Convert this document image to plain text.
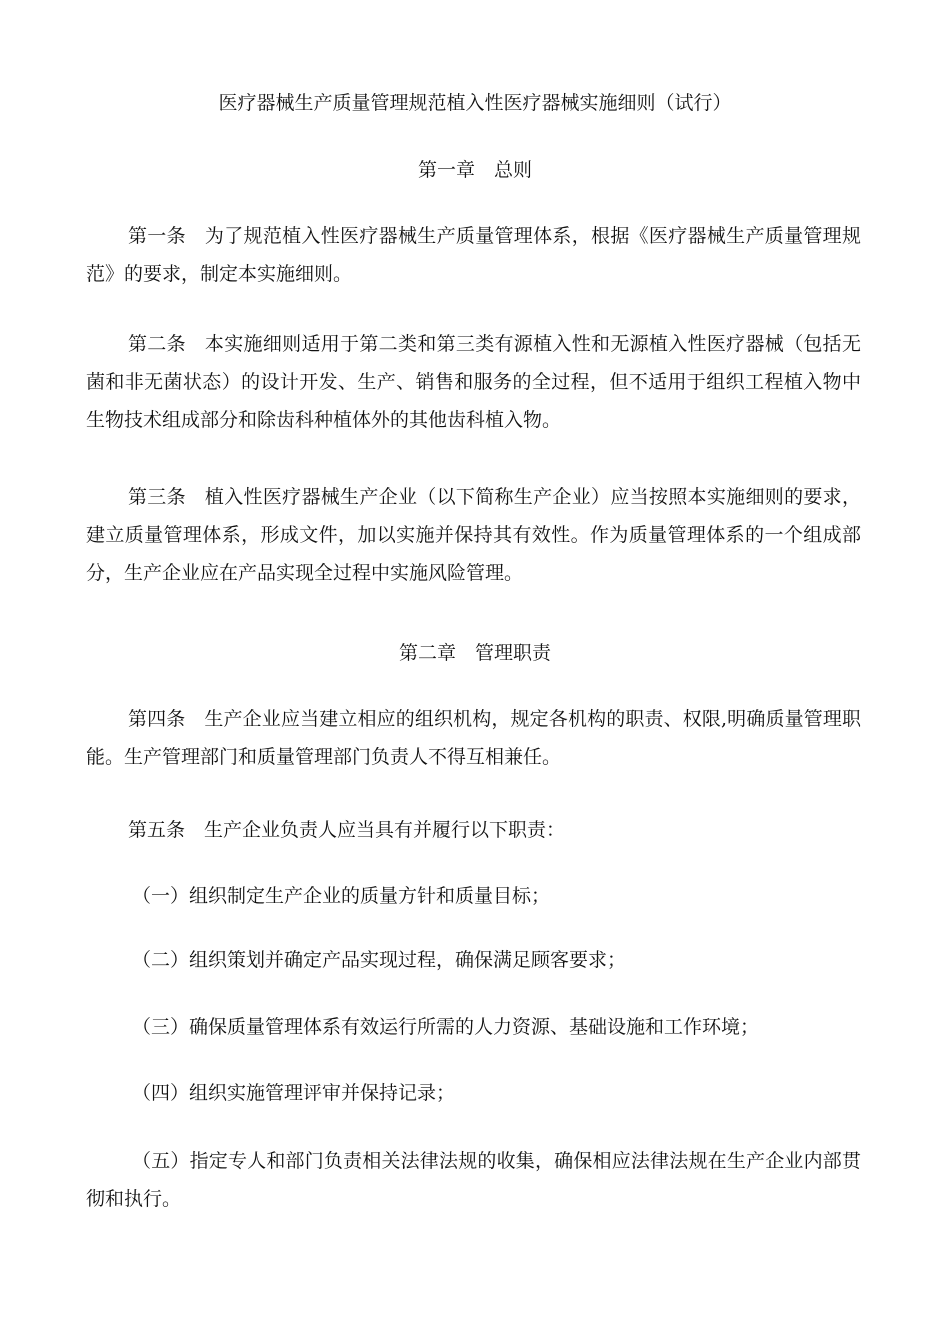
医疗器械生产质量管理规范植入性医疗器械实施细则（试行）
第一章　总则
第一条 为了规范植入性医疗器械生产质量管理体系，根据《医疗器械生产质量管理规范》的要求，制定本实施细则。
第二条 本实施细则适用于第二类和第三类有源植入性和无源植入性医疗器械（包括无菌和非无菌状态）的设计开发、生产、销售和服务的全过程，但不适用于组织工程植入物中生物技术组成部分和除齿科种植体外的其他齿科植入物。
第三条 植入性医疗器械生产企业（以下简称生产企业）应当按照本实施细则的要求，建立质量管理体系，形成文件，加以实施并保持其有效性。作为质量管理体系的一个组成部分，生产企业应在产品实现全过程中实施风险管理。
第二章　管理职责
第四条 生产企业应当建立相应的组织机构，规定各机构的职责、权限,明确质量管理职能。生产管理部门和质量管理部门负责人不得互相兼任。
第五条 生产企业负责人应当具有并履行以下职责：
（一）组织制定生产企业的质量方针和质量目标；
（二）组织策划并确定产品实现过程，确保满足顾客要求；
（三）确保质量管理体系有效运行所需的人力资源、基础设施和工作环境；
（四）组织实施管理评审并保持记录；
（五）指定专人和部门负责相关法律法规的收集，确保相应法律法规在生产企业内部贯彻和执行。
